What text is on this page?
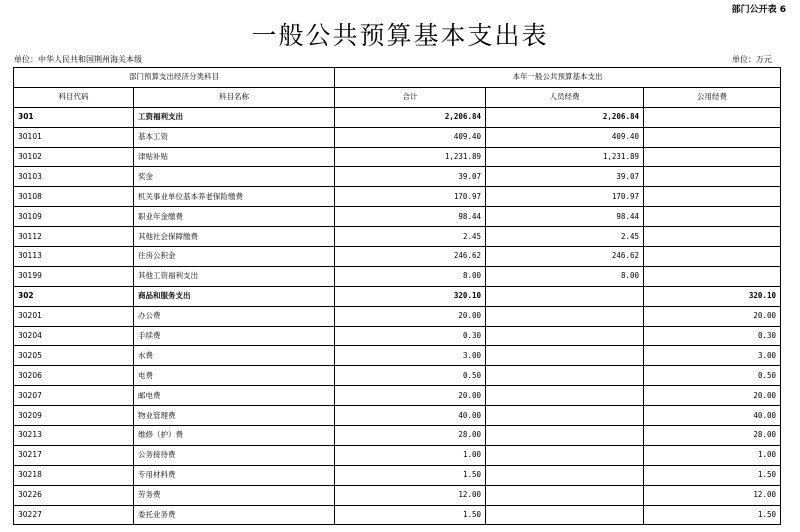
部门公开表 6
一般公共预算基本支出表
单位：中华人民共和国荆州海关本级	单位：万元
部门预算支出经济分类科目		本年一般公共预算基本支出		
科目代码	科目名称	合计	人员经费	公用经费
301	工资福利支出	2,206.84	2,206.84	
30101	基本工资	409.40	409.40	
30102	津贴补贴	1,231.89	1,231.89	
30103	奖金	39.07	39.07	
30108	机关事业单位基本养老保险缴费	170.97	170.97	
30109	职业年金缴费	98.44	98.44	
30112	其他社会保障缴费	2.45	2.45	
30113	住房公积金	246.62	246.62	
30199	其他工资福利支出	8.00	8.00	
302	商品和服务支出	320.10		320.10
30201	办公费	20.00		20.00
30204	手续费	0.30		0.30
30205	水费	3.00		3.00
30206	电费	0.50		0.50
30207	邮电费	20.00		20.00
30209	物业管理费	40.00		40.00
30213	维修（护）费	28.00		28.00
30217	公务接待费	1.00		1.00
30218	专用材料费	1.50		1.50
30226	劳务费	12.00		12.00
30227	委托业务费	1.50		1.50
